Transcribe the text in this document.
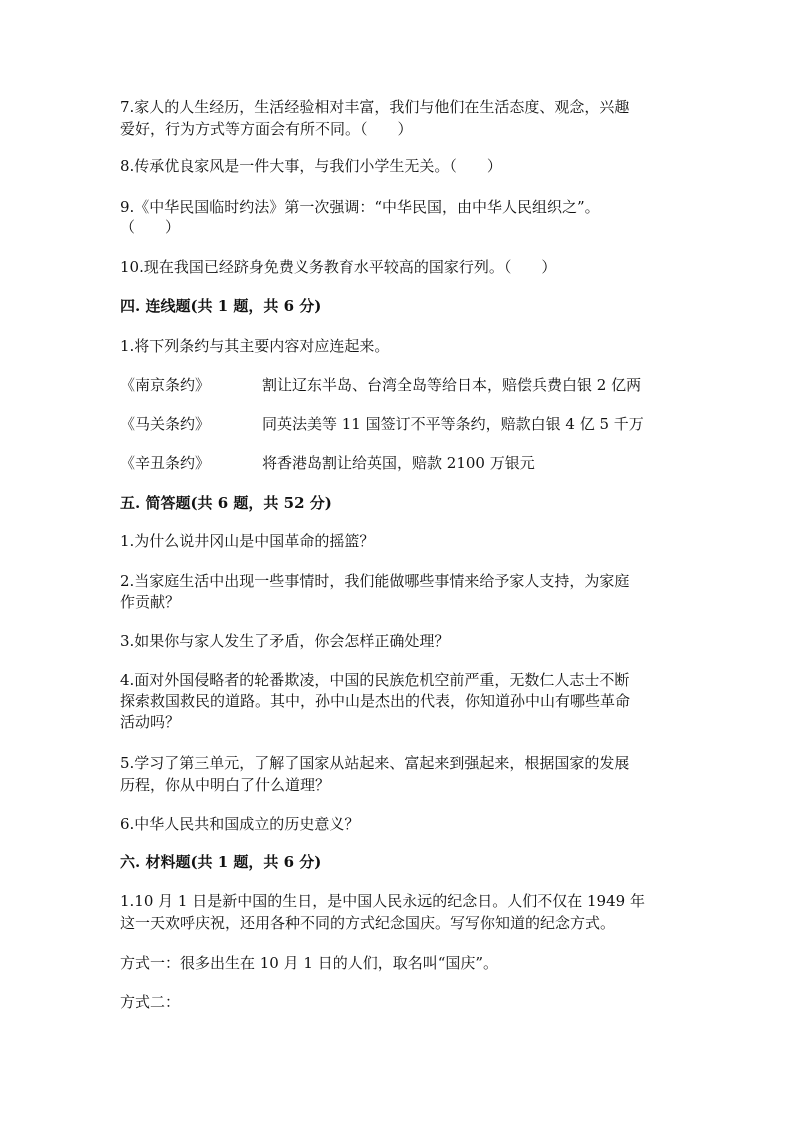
7.家人的人生经历，生活经验相对丰富，我们与他们在生活态度、观念，兴趣
爱好，行为方式等方面会有所不同。（　　）
8.传承优良家风是一件大事，与我们小学生无关。（　　）
9.《中华民国临时约法》第一次强调：“中华民国，由中华人民组织之”。
（　　）
10.现在我国已经跻身免费义务教育水平较高的国家行列。（　　）
四. 连线题(共 1 题，共 6 分)
1.将下列条约与其主要内容对应连起来。
《南京条约》	割让辽东半岛、台湾全岛等给日本，赔偿兵费白银 2 亿两
《马关条约》	同英法美等 11 国签订不平等条约，赔款白银 4 亿 5 千万
《辛丑条约》	将香港岛割让给英国，赔款 2100 万银元
五. 简答题(共 6 题，共 52 分)
1.为什么说井冈山是中国革命的摇篮？
2.当家庭生活中出现一些事情时，我们能做哪些事情来给予家人支持，为家庭
作贡献？
3.如果你与家人发生了矛盾，你会怎样正确处理？
4.面对外国侵略者的轮番欺凌，中国的民族危机空前严重，无数仁人志士不断
探索救国救民的道路。其中，孙中山是杰出的代表，你知道孙中山有哪些革命
活动吗？
5.学习了第三单元，了解了国家从站起来、富起来到强起来，根据国家的发展
历程，你从中明白了什么道理？
6.中华人民共和国成立的历史意义？
六. 材料题(共 1 题，共 6 分)
1.10 月 1 日是新中国的生日，是中国人民永远的纪念日。人们不仅在 1949 年
这一天欢呼庆祝，还用各种不同的方式纪念国庆。写写你知道的纪念方式。
方式一：很多出生在 10 月 1 日的人们，取名叫“国庆”。
方式二：
